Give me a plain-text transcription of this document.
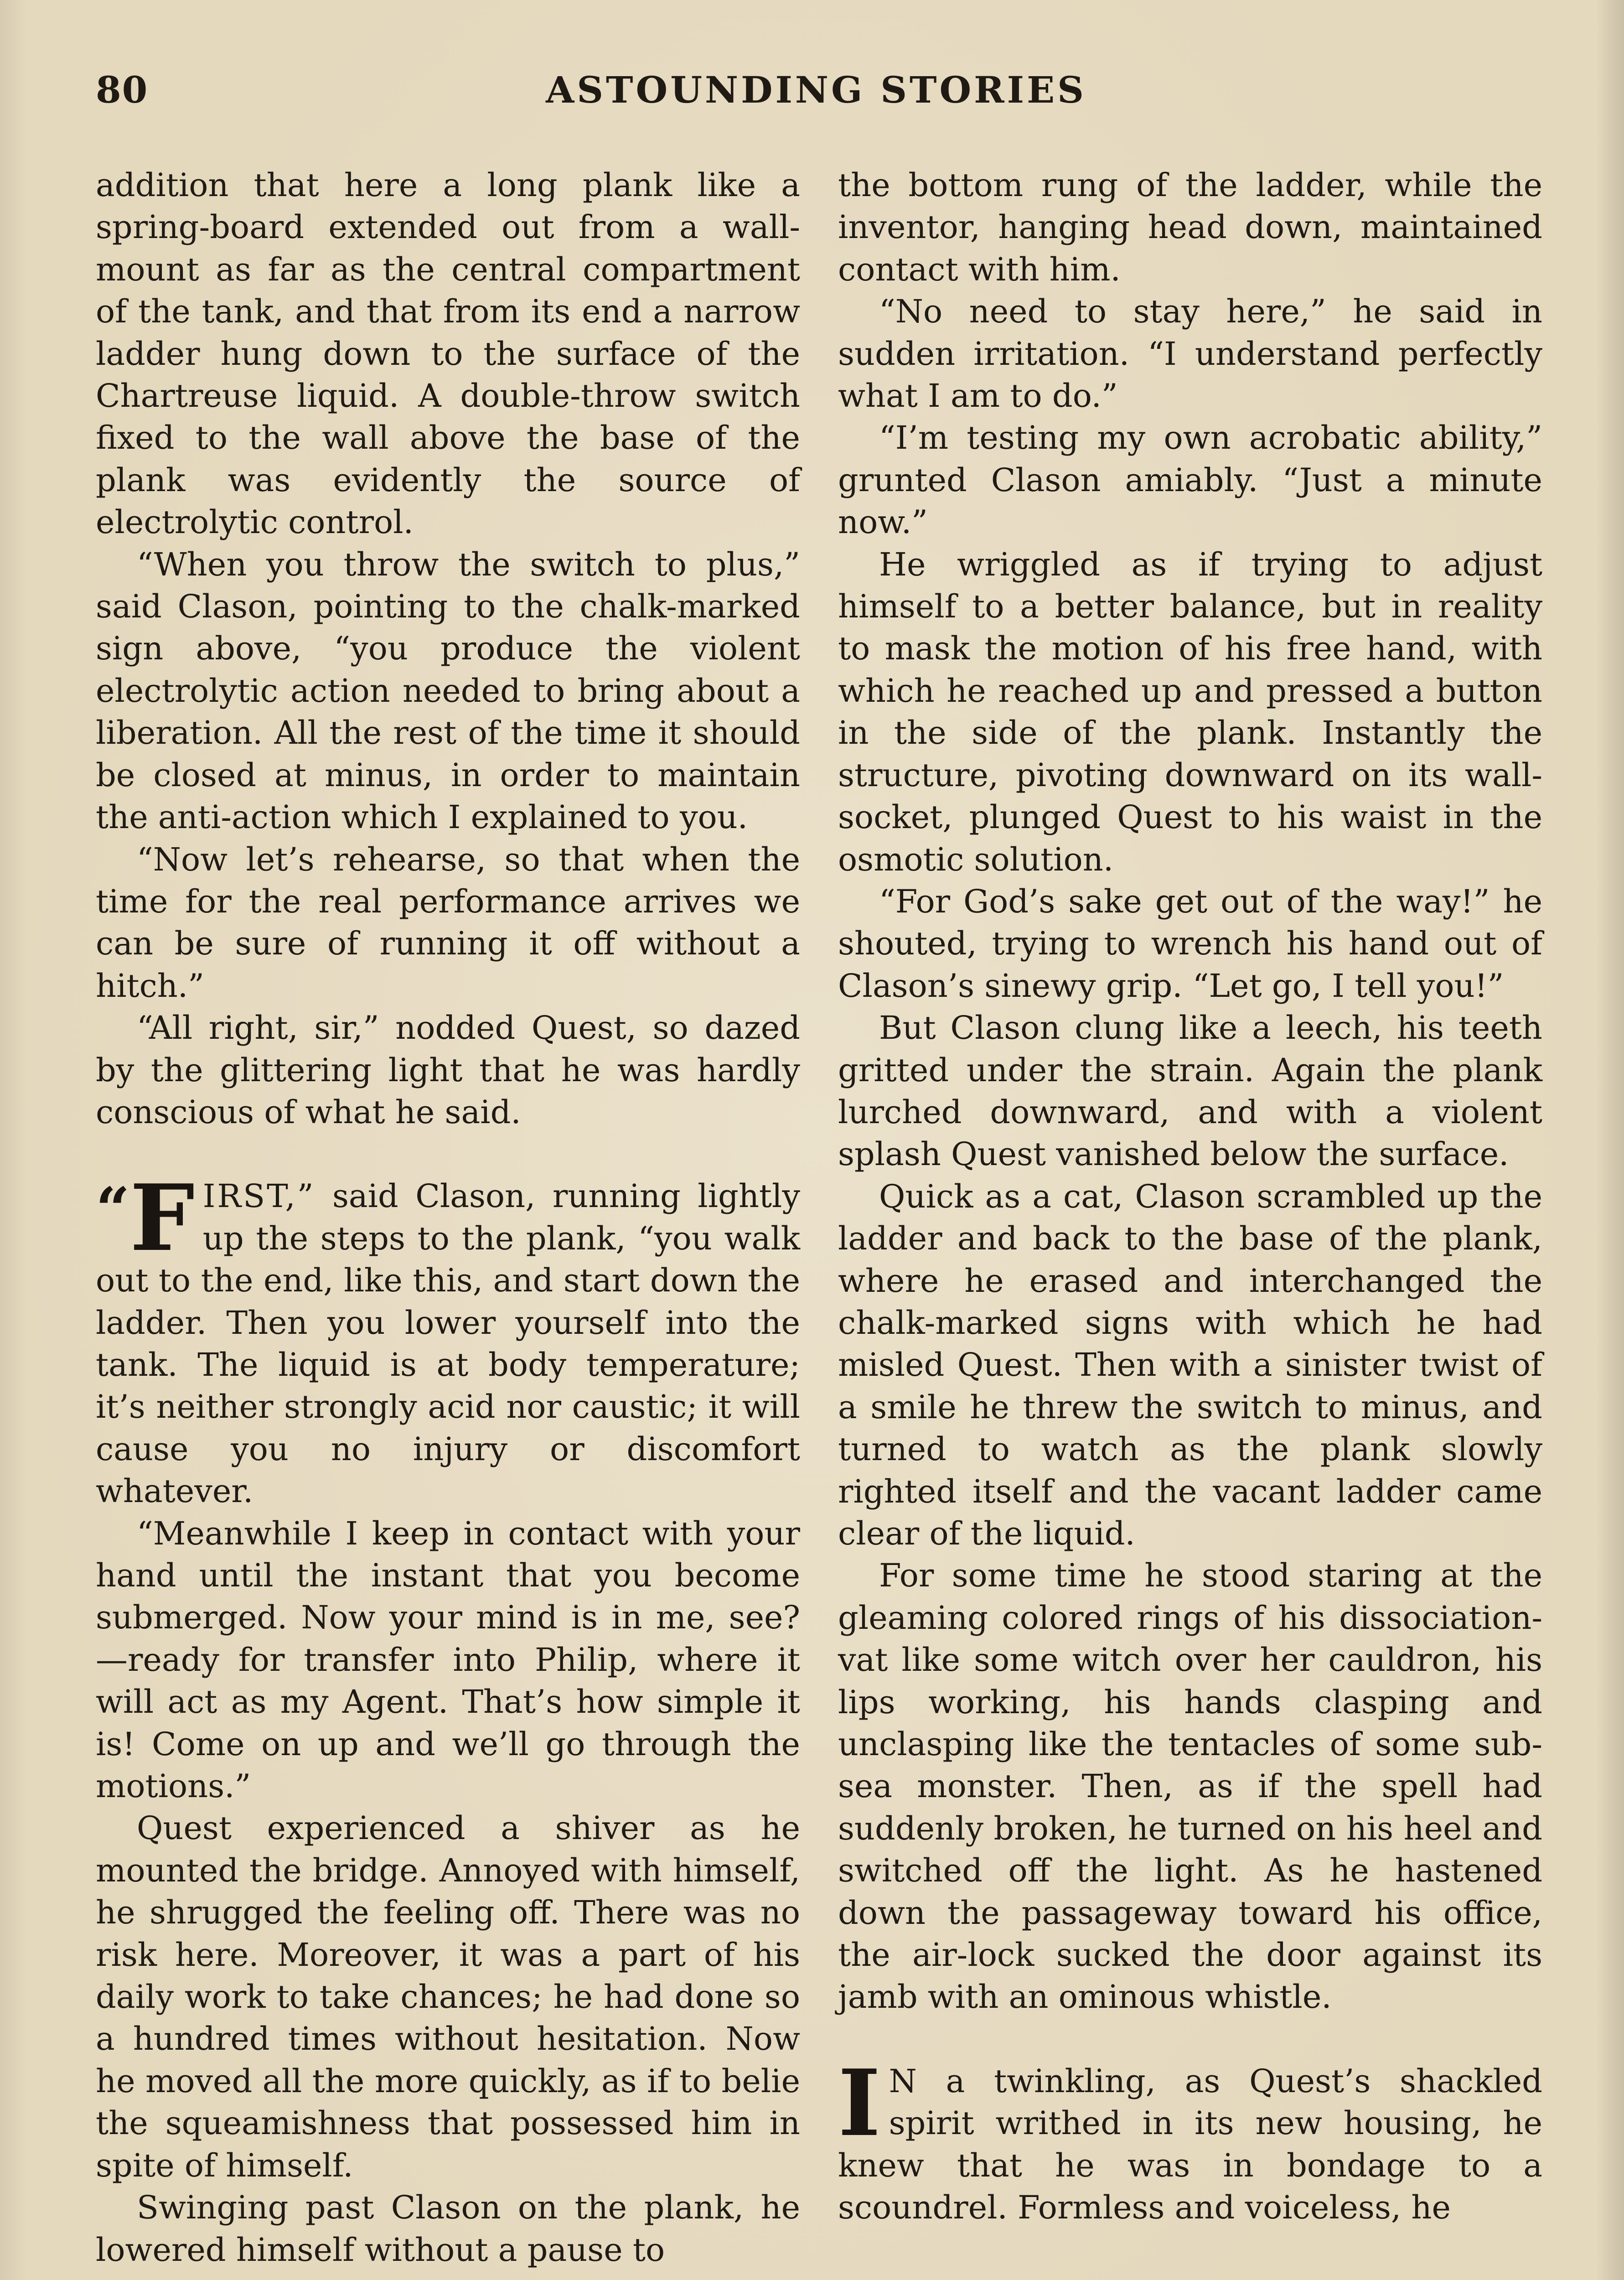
80	ASTOUNDING STORIES

addition that here a long plank like a spring-board extended out from a wall-mount as far as the central compartment of the tank, and that from its end a narrow ladder hung down to the surface of the Chartreuse liquid. A double-throw switch fixed to the wall above the base of the plank was evidently the source of electrolytic control.

“When you throw the switch to plus,” said Clason, pointing to the chalk-marked sign above, “you produce the violent electrolytic action needed to bring about a liberation. All the rest of the time it should be closed at minus, in order to maintain the anti-action which I explained to you.

“Now let’s rehearse, so that when the time for the real performance arrives we can be sure of running it off without a hitch.”

“All right, sir,” nodded Quest, so dazed by the glittering light that he was hardly conscious of what he said.

“F IRST,” said Clason, running lightly up the steps to the plank, “you walk out to the end, like this, and start down the ladder. Then you lower yourself into the tank. The liquid is at body temperature; it’s neither strongly acid nor caustic; it will cause you no injury or discomfort whatever.

“Meanwhile I keep in contact with your hand until the instant that you become submerged. Now your mind is in me, see?—ready for transfer into Philip, where it will act as my Agent. That’s how simple it is! Come on up and we’ll go through the motions.”

Quest experienced a shiver as he mounted the bridge. Annoyed with himself, he shrugged the feeling off. There was no risk here. Moreover, it was a part of his daily work to take chances; he had done so a hundred times without hesitation. Now he moved all the more quickly, as if to belie the squeamishness that possessed him in spite of himself.

Swinging past Clason on the plank, he lowered himself without a pause to

the bottom rung of the ladder, while the inventor, hanging head down, maintained contact with him.

“No need to stay here,” he said in sudden irritation. “I understand perfectly what I am to do.”

“I’m testing my own acrobatic ability,” grunted Clason amiably. “Just a minute now.”

He wriggled as if trying to adjust himself to a better balance, but in reality to mask the motion of his free hand, with which he reached up and pressed a button in the side of the plank. Instantly the structure, pivoting downward on its wall-socket, plunged Quest to his waist in the osmotic solution.

“For God’s sake get out of the way!” he shouted, trying to wrench his hand out of Clason’s sinewy grip. “Let go, I tell you!”

But Clason clung like a leech, his teeth gritted under the strain. Again the plank lurched downward, and with a violent splash Quest vanished below the surface.

Quick as a cat, Clason scrambled up the ladder and back to the base of the plank, where he erased and interchanged the chalk-marked signs with which he had misled Quest. Then with a sinister twist of a smile he threw the switch to minus, and turned to watch as the plank slowly righted itself and the vacant ladder came clear of the liquid.

For some time he stood staring at the gleaming colored rings of his dissociation-vat like some witch over her cauldron, his lips working, his hands clasping and unclasping like the tentacles of some sub-sea monster. Then, as if the spell had suddenly broken, he turned on his heel and switched off the light. As he hastened down the passageway toward his office, the air-lock sucked the door against its jamb with an ominous whistle.

I N a twinkling, as Quest’s shackled spirit writhed in its new housing, he knew that he was in bondage to a scoundrel. Formless and voiceless, he
